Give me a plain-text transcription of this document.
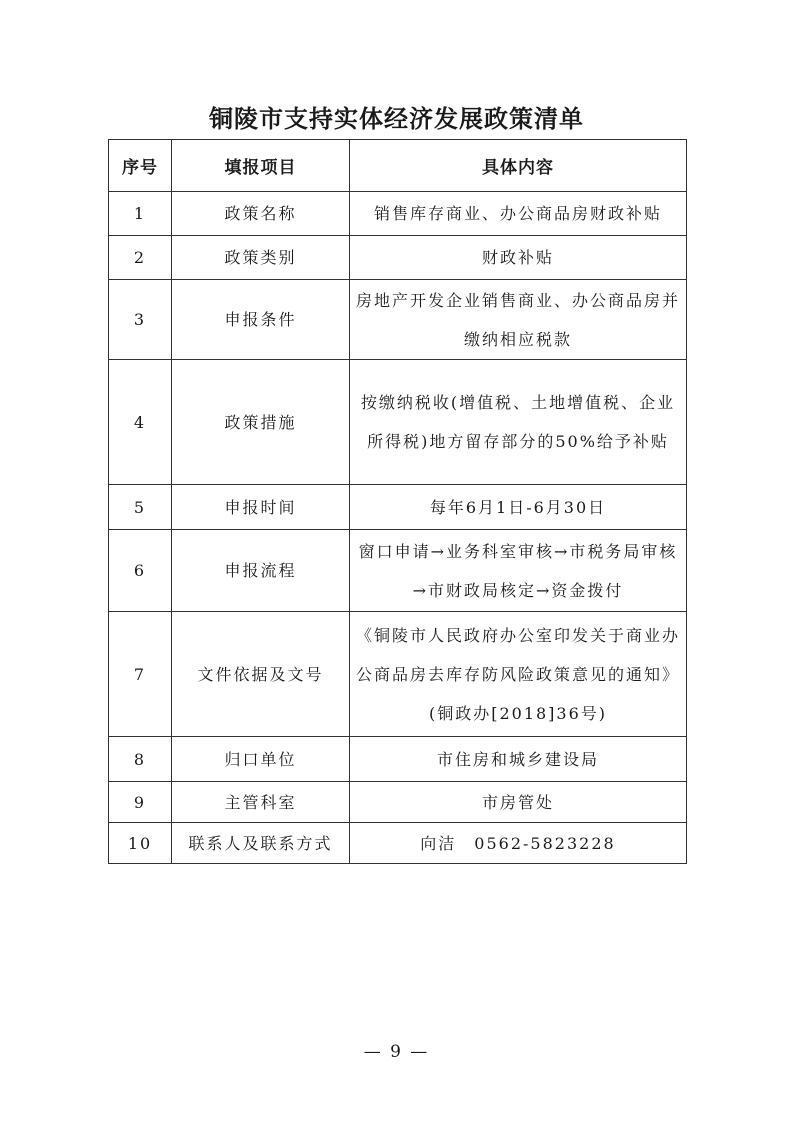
铜陵市支持实体经济发展政策清单
序号	填报项目	具体内容
1	政策名称	销售库存商业、办公商品房财政补贴
2	政策类别	财政补贴
3	申报条件	房地产开发企业销售商业、办公商品房并缴纳相应税款
4	政策措施	按缴纳税收(增值税、土地增值税、企业所得税)地方留存部分的50%给予补贴
5	申报时间	每年6月1日-6月30日
6	申报流程	窗口申请→业务科室审核→市税务局审核→市财政局核定→资金拨付
7	文件依据及文号	《铜陵市人民政府办公室印发关于商业办公商品房去库存防风险政策意见的通知》(铜政办[2018]36号)
8	归口单位	市住房和城乡建设局
9	主管科室	市房管处
10	联系人及联系方式	向洁　0562-5823228
— 9 —
